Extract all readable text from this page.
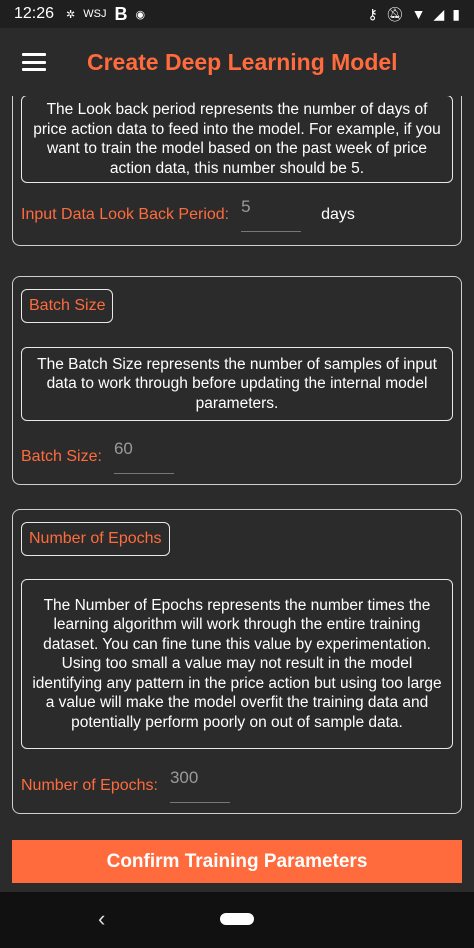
12:26 ✲ WSJ B ◉	⚷ 🔕︎ ▼ ◢ ▮
Create Deep Learning Model
The Look back period represents the number of days of price action data to feed into the model. For example, if you want to train the model based on the past week of price action data, this number should be 5.
Input Data Look Back Period: 5	days
Batch Size
The Batch Size represents the number of samples of input data to work through before updating the internal model parameters.
Batch Size: 60
Number of Epochs
The Number of Epochs represents the number times the learning algorithm will work through the entire training dataset. You can fine tune this value by experimentation. Using too small a value may not result in the model identifying any pattern in the price action but using too large a value will make the model overfit the training data and potentially perform poorly on out of sample data.
Number of Epochs: 300
Confirm Training Parameters
‹
